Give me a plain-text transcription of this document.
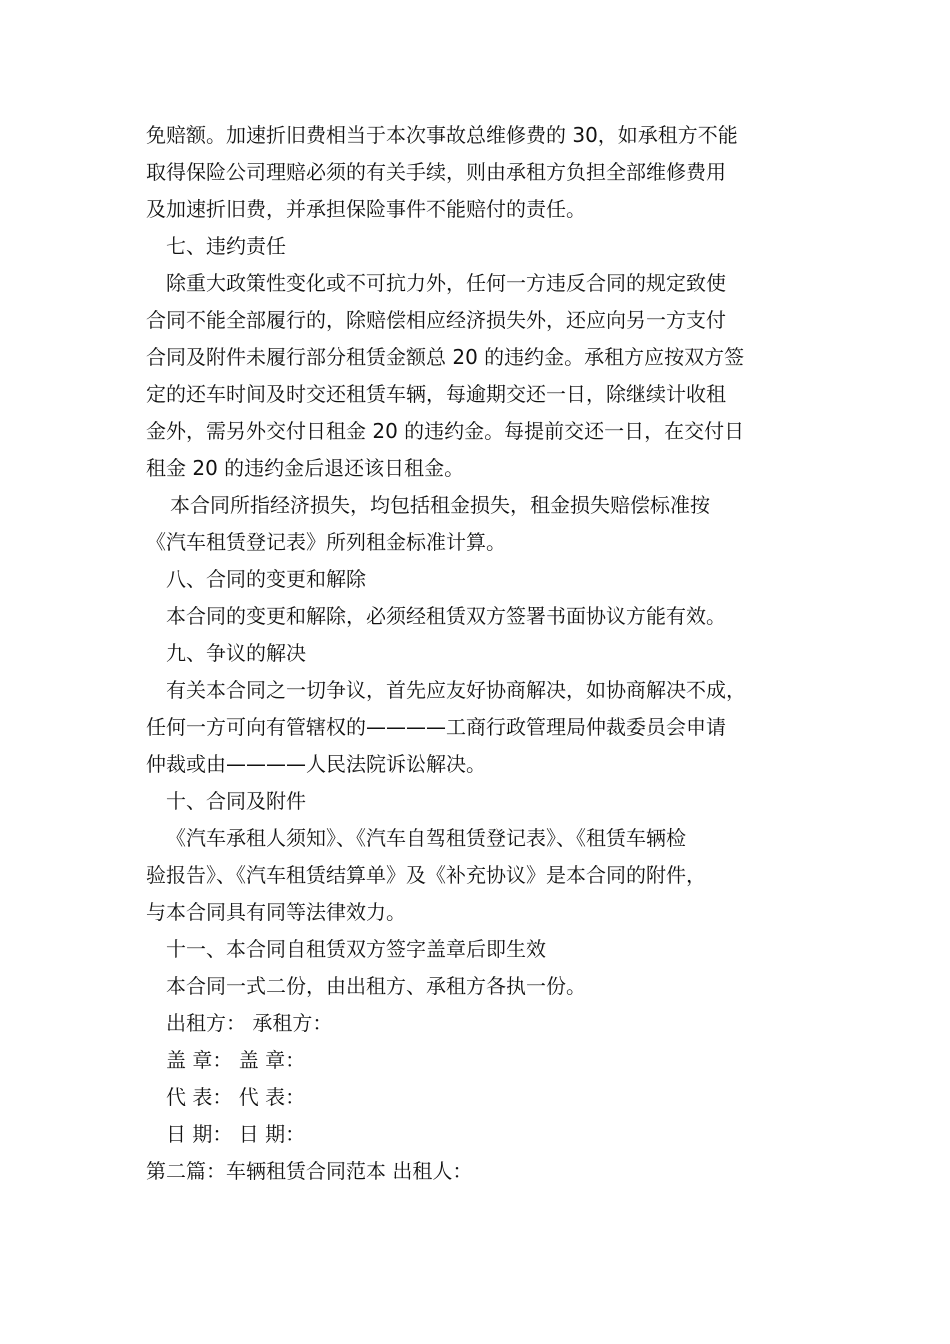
免赔额。加速折旧费相当于本次事故总维修费的 30，如承租方不能
取得保险公司理赔必须的有关手续，则由承租方负担全部维修费用
及加速折旧费，并承担保险事件不能赔付的责任。
七、违约责任
除重大政策性变化或不可抗力外，任何一方违反合同的规定致使
合同不能全部履行的，除赔偿相应经济损失外，还应向另一方支付
合同及附件未履行部分租赁金额总 20 的违约金。承租方应按双方签
定的还车时间及时交还租赁车辆，每逾期交还一日，除继续计收租
金外，需另外交付日租金 20 的违约金。每提前交还一日，在交付日
租金 20 的违约金后退还该日租金。
本合同所指经济损失，均包括租金损失，租金损失赔偿标准按
《汽车租赁登记表》所列租金标准计算。
八、合同的变更和解除
本合同的变更和解除，必须经租赁双方签署书面协议方能有效。
九、争议的解决
有关本合同之一切争议，首先应友好协商解决，如协商解决不成，
任何一方可向有管辖权的————工商行政管理局仲裁委员会申请
仲裁或由————人民法院诉讼解决。
十、合同及附件
《汽车承租人须知》、《汽车自驾租赁登记表》、《租赁车辆检
验报告》、《汽车租赁结算单》及《补充协议》是本合同的附件，
与本合同具有同等法律效力。
十一、本合同自租赁双方签字盖章后即生效
本合同一式二份，由出租方、承租方各执一份。
出租方： 承租方：
盖 章： 盖 章：
代 表： 代 表：
日 期： 日 期：
第二篇：车辆租赁合同范本 出租人：
